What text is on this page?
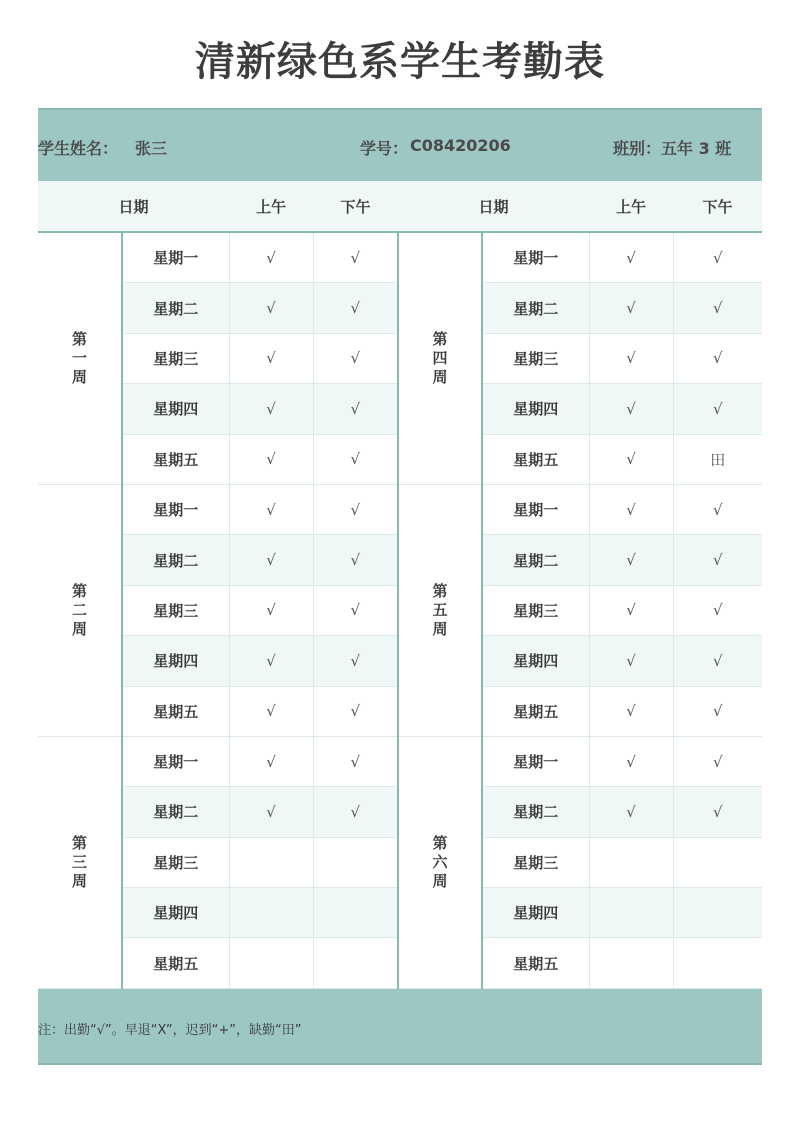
清新绿色系学生考勤表
学生姓名： 张三	学号： C08420206	班别： 五年 3 班
日期		上午	下午	日期		上午	下午
第一周	星期一	√	√	第四周	星期一	√	√
	星期二	√	√		星期二	√	√
	星期三	√	√		星期三	√	√
	星期四	√	√		星期四	√	√
	星期五	√	√		星期五	√	田
第二周	星期一	√	√	第五周	星期一	√	√
	星期二	√	√		星期二	√	√
	星期三	√	√		星期三	√	√
	星期四	√	√		星期四	√	√
	星期五	√	√		星期五	√	√
第三周	星期一	√	√	第六周	星期一	√	√
	星期二	√	√		星期二	√	√
	星期三				星期三		
	星期四				星期四		
	星期五				星期五		
注：出勤“√”。早退“X”，迟到“+”，缺勤“田”
